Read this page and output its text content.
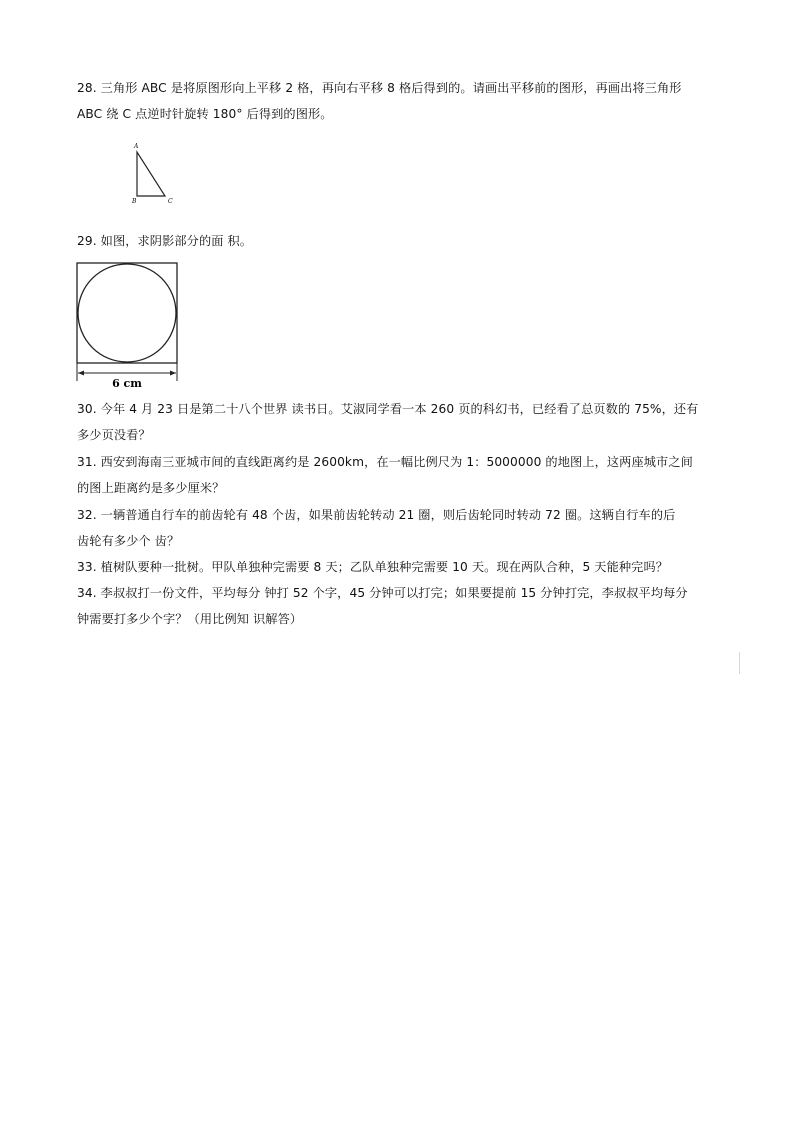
28. 三角形 ABC 是将原图形向上平移 2 格，再向右平移 8 格后得到的。请画出平移前的图形，再画出将三角形
ABC 绕 C 点逆时针旋转 180° 后得到的图形。
A
B	C
29. 如图，求阴影部分的面 积。
6 cm
30. 今年 4 月 23 日是第二十八个世界 读书日。艾淑同学看一本 260 页的科幻书，已经看了总页数的 75%，还有
多少页没看？
31. 西安到海南三亚城市间的直线距离约是 2600km，在一幅比例尺为 1：5000000 的地图上，这两座城市之间
的图上距离约是多少厘米？
32. 一辆普通自行车的前齿轮有 48 个齿，如果前齿轮转动 21 圈，则后齿轮同时转动 72 圈。这辆自行车的后
齿轮有多少个 齿？
33. 植树队要种一批树。甲队单独种完需要 8 天；乙队单独种完需要 10 天。现在两队合种，5 天能种完吗？
34. 李叔叔打一份文件，平均每分 钟打 52 个字，45 分钟可以打完；如果要提前 15 分钟打完，李叔叔平均每分
钟需要打多少个字？（用比例知 识解答）
